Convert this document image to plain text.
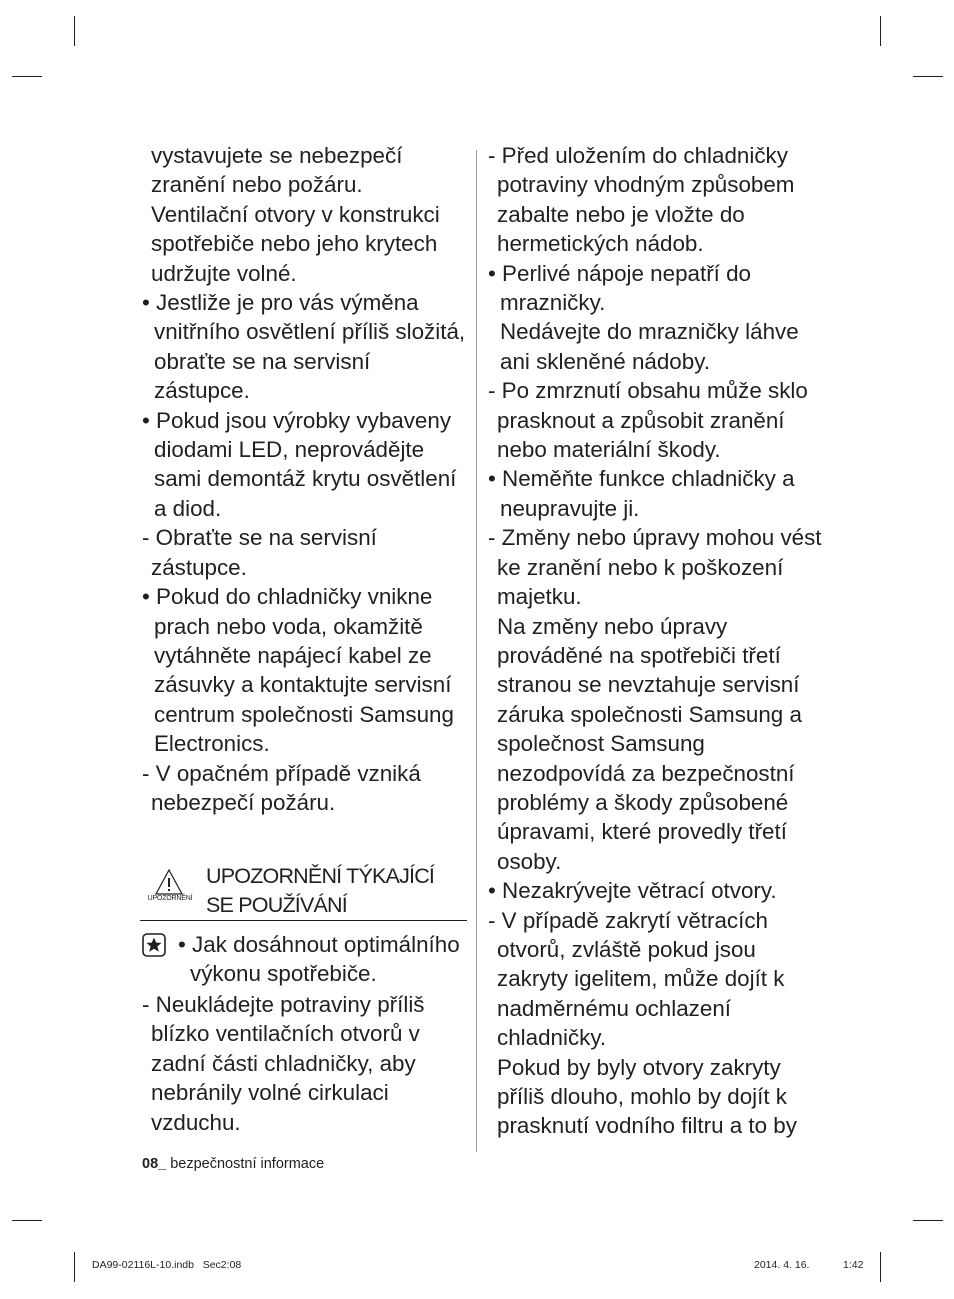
vystavujete se nebezpečí zranění nebo požáru.

Ventilační otvory v konstrukci spotřebiče nebo jeho krytech udržujte volné.

• Jestliže je pro vás výměna vnitřního osvětlení příliš složitá, obraťte se na servisní zástupce.

• Pokud jsou výrobky vybaveny diodami LED, neprovádějte sami demontáž krytu osvětlení a diod.

- Obraťte se na servisní zástupce.

• Pokud do chladničky vnikne prach nebo voda, okamžitě vytáhněte napájecí kabel ze zásuvky a kontaktujte servisní centrum společnosti Samsung Electronics.

- V opačném případě vzniká nebezpečí požáru.

UPOZORNĚNÍ
UPOZORNĚNÍ TÝKAJÍCÍ
SE POUŽÍVÁNÍ

• Jak dosáhnout optimálního výkonu spotřebiče.

- Neukládejte potraviny příliš blízko ventilačních otvorů v zadní části chladničky, aby nebránily volné cirkulaci vzduchu.

- Před uložením do chladničky potraviny vhodným způsobem zabalte nebo je vložte do hermetických nádob.

• Perlivé nápoje nepatří do mrazničky.

Nedávejte do mrazničky láhve ani skleněné nádoby.

- Po zmrznutí obsahu může sklo prasknout a způsobit zranění nebo materiální škody.

• Neměňte funkce chladničky a neupravujte ji.

- Změny nebo úpravy mohou vést ke zranění nebo k poškození majetku.

Na změny nebo úpravy prováděné na spotřebiči třetí stranou se nevztahuje servisní záruka společnosti Samsung a společnost Samsung nezodpovídá za bezpečnostní problémy a škody způsobené úpravami, které provedly třetí osoby.

• Nezakrývejte větrací otvory.

- V případě zakrytí větracích otvorů, zvláště pokud jsou zakryty igelitem, může dojít k nadměrnému ochlazení chladničky.

Pokud by byly otvory zakryty příliš dlouho, mohlo by dojít k prasknutí vodního filtru a to by

08_ bezpečnostní informace
DA99-02116L-10.indb   Sec2:08	2014. 4. 16.	1:42
